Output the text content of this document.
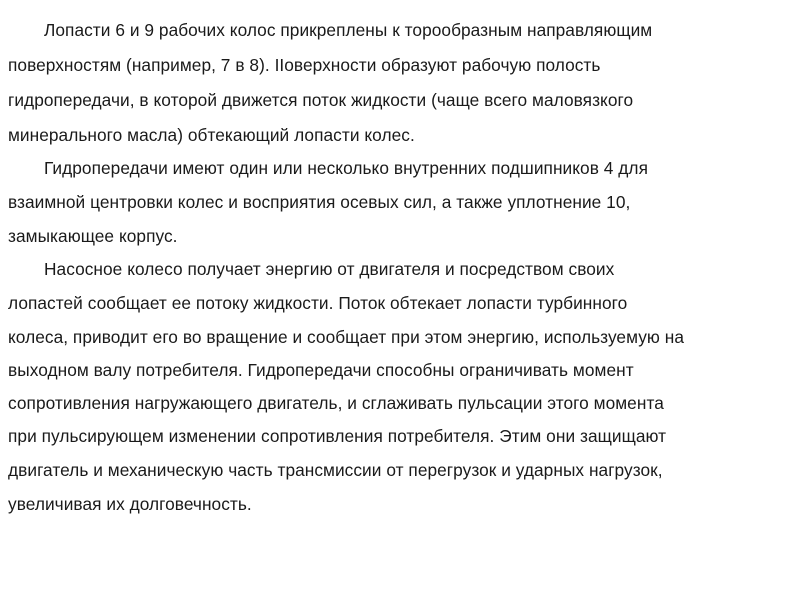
Лопасти 6 и 9 рабочих колос прикреплены к торообразным направляющим
поверхностям (например, 7 в 8). IIоверхности образуют рабочую полость
гидропередачи, в которой движется поток жидкости (чаще всего маловязкого
минерального масла) обтекающий лопасти колес.
Гидропередачи имеют один или несколько внутренних подшипников 4 для
взаимной центровки колес и восприятия осевых сил, а также уплотнение 10,
замыкающее корпус.
Насосное колесо получает энергию от двигателя и посредством своих
лопастей сообщает ее потоку жидкости. Поток обтекает лопасти турбинного
колеса, приводит его во вращение и сообщает при этом энергию, используемую на
выходном валу потребителя. Гидропередачи способны ограничивать момент
сопротивления нагружающего двигатель, и сглаживать пульсации этого момента
при пульсирующем изменении сопротивления потребителя. Этим они защищают
двигатель и механическую часть трансмиссии от перегрузок и ударных нагрузок,
увеличивая их долговечность.
